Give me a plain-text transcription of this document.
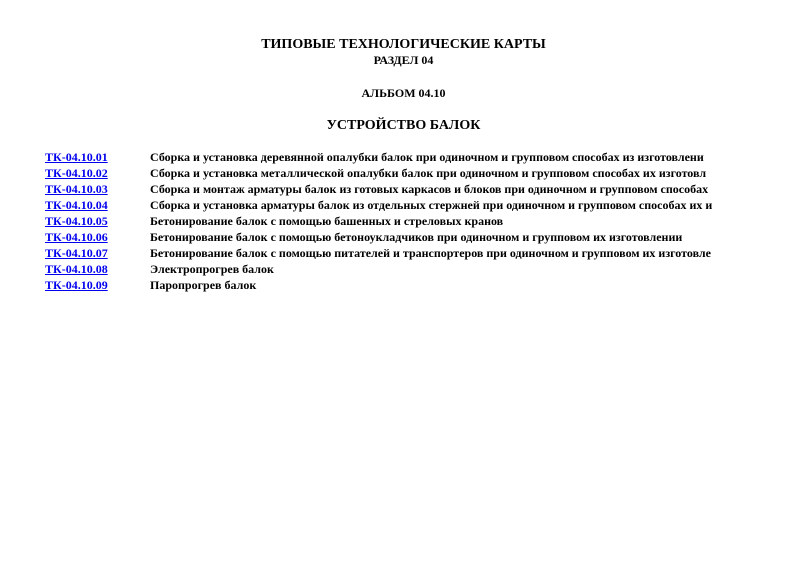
ТИПОВЫЕ ТЕХНОЛОГИЧЕСКИЕ КАРТЫ
РАЗДЕЛ 04
АЛЬБОМ 04.10
УСТРОЙСТВО БАЛОК
ТК-04.10.01	Сборка и установка деревянной опалубки балок при одиночном и групповом способах из изготовлени
ТК-04.10.02	Сборка и установка металлической опалубки балок при одиночном и групповом способах их изготовл
ТК-04.10.03	Сборка и монтаж арматуры балок из готовых каркасов и блоков при одиночном и групповом способах
ТК-04.10.04	Сборка и установка арматуры балок из отдельных стержней при одиночном и групповом способах их и
ТК-04.10.05	Бетонирование балок с помощью башенных и стреловых кранов
ТК-04.10.06	Бетонирование балок с помощью бетоноукладчиков при одиночном и групповом их изготовлении
ТК-04.10.07	Бетонирование балок с помощью питателей и транспортеров при одиночном и групповом их изготовле
ТК-04.10.08	Электропрогрев балок
ТК-04.10.09	Паропрогрев балок
